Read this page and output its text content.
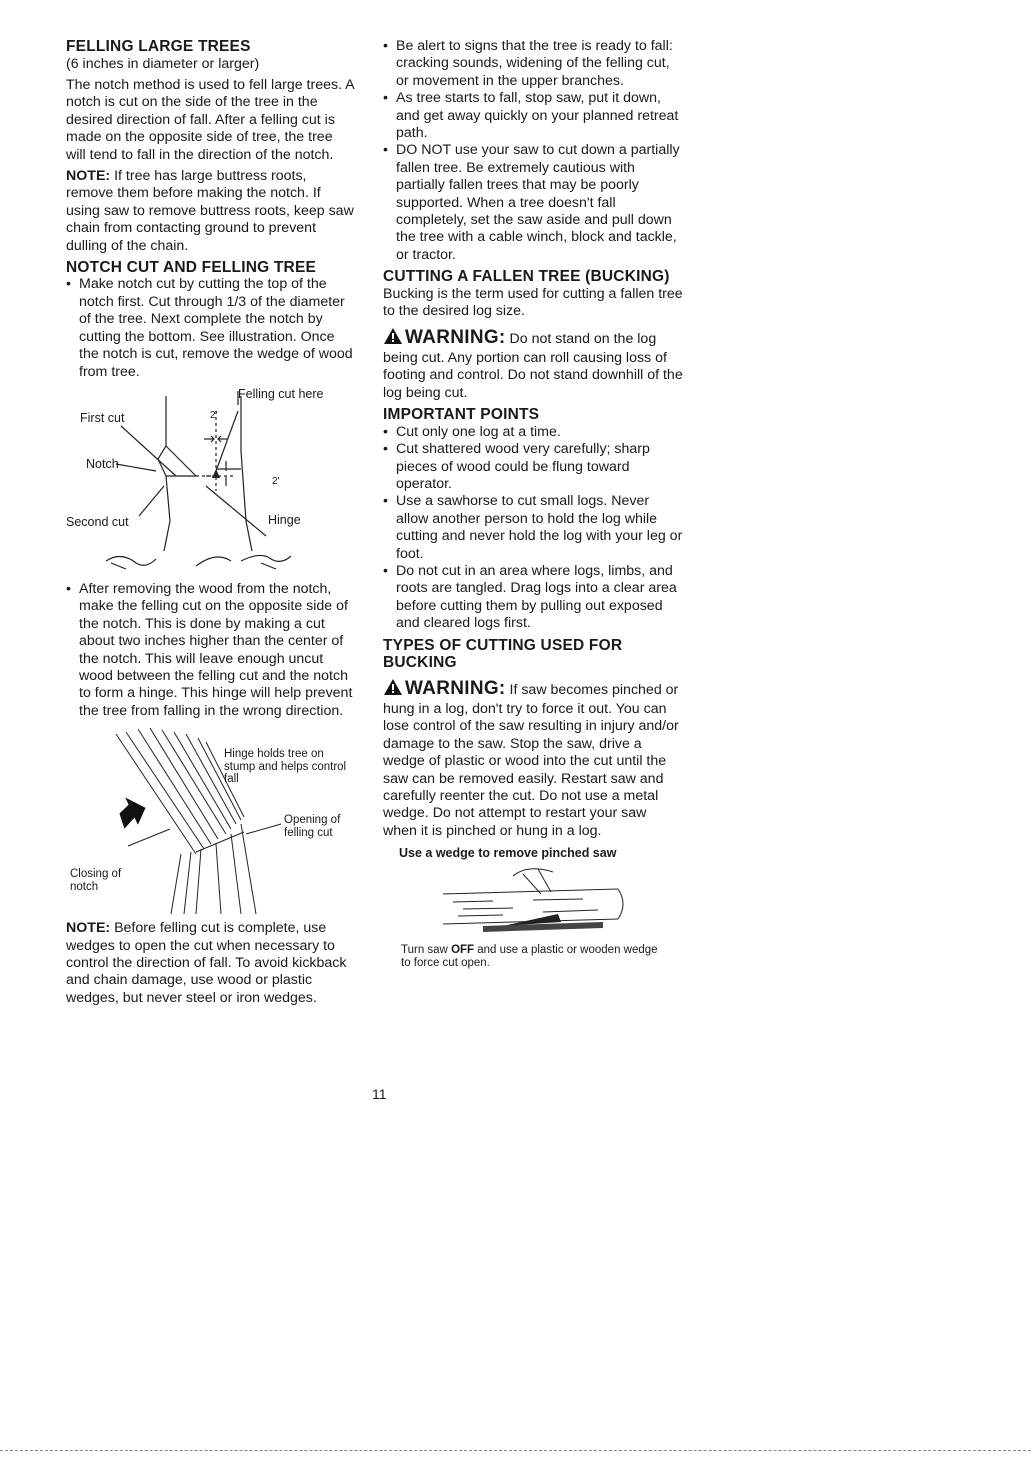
FELLING LARGE TREES

(6 inches in diameter or larger)

The notch method is used to fell large trees. A notch is cut on the side of the tree in the desired direction of fall. After a felling cut is made on the opposite side of tree, the tree will tend to fall in the direction of the notch.

NOTE: If tree has large buttress roots, remove them before making the notch. If using saw to remove buttress roots, keep saw chain from contacting ground to prevent dulling of the chain.

NOTCH CUT AND FELLING TREE

• Make notch cut by cutting the top of the notch first. Cut through 1/3 of the diameter of the tree. Next complete the notch by cutting the bottom. See illustration. Once the notch is cut, remove the wedge of wood from tree.

Felling cut here
First cut	2'
Notch
2'
Second cut	Hinge

• After removing the wood from the notch, make the felling cut on the opposite side of the notch. This is done by making a cut about two inches higher than the center of the notch. This will leave enough uncut wood between the felling cut and the notch to form a hinge. This hinge will help prevent the tree from falling in the wrong direction.

Hinge holds tree on stump and helps control fall
Opening of felling cut
Closing of notch

NOTE: Before felling cut is complete, use wedges to open the cut when necessary to control the direction of fall. To avoid kickback and chain damage, use wood or plastic wedges, but never steel or iron wedges.

• Be alert to signs that the tree is ready to fall: cracking sounds, widening of the felling cut, or movement in the upper branches.

• As tree starts to fall, stop saw, put it down, and get away quickly on your planned retreat path.

• DO NOT use your saw to cut down a partially fallen tree. Be extremely cautious with partially fallen trees that may be poorly supported. When a tree doesn't fall completely, set the saw aside and pull down the tree with a cable winch, block and tackle, or tractor.

CUTTING A FALLEN TREE (BUCKING)

Bucking is the term used for cutting a fallen tree to the desired log size.

WARNING: Do not stand on the log being cut. Any portion can roll causing loss of footing and control. Do not stand downhill of the log being cut.

IMPORTANT POINTS

• Cut only one log at a time.

• Cut shattered wood very carefully; sharp pieces of wood could be flung toward operator.

• Use a sawhorse to cut small logs. Never allow another person to hold the log while cutting and never hold the log with your leg or foot.

• Do not cut in an area where logs, limbs, and roots are tangled. Drag logs into a clear area before cutting them by pulling out exposed and cleared logs first.

TYPES OF CUTTING USED FOR BUCKING

WARNING: If saw becomes pinched or hung in a log, don't try to force it out. You can lose control of the saw resulting in injury and/or damage to the saw. Stop the saw, drive a wedge of plastic or wood into the cut until the saw can be removed easily. Restart saw and carefully reenter the cut. Do not use a metal wedge. Do not attempt to restart your saw when it is pinched or hung in a log.

Use a wedge to remove pinched saw
Turn saw OFF and use a plastic or wooden wedge to force cut open.
11
